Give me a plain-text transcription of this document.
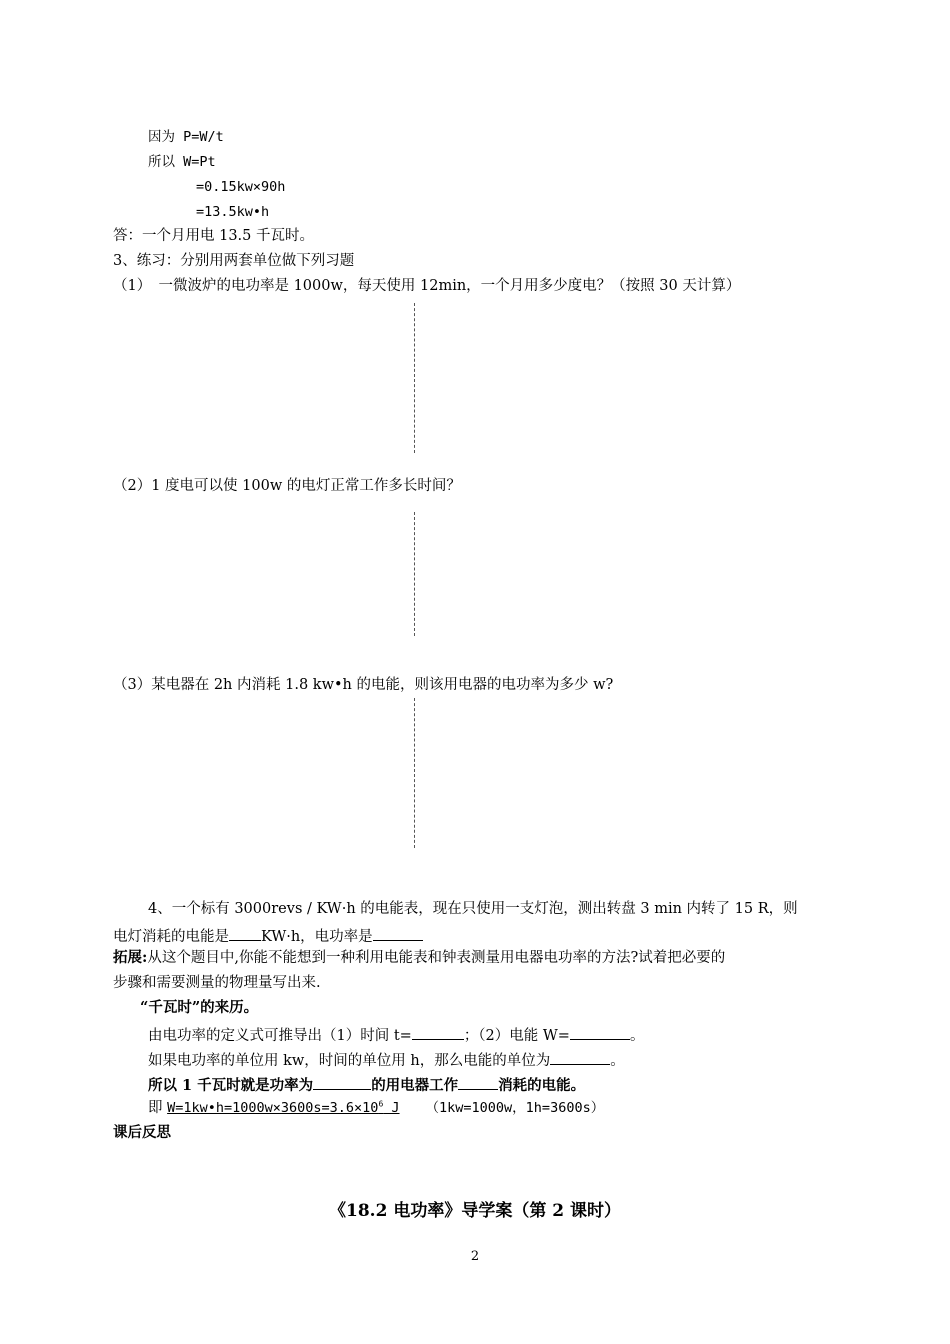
因为 P=W/t
所以 W=Pt
=0.15kw×90h
=13.5kw•h
答：一个月用电 13.5 千瓦时。
3、练习：分别用两套单位做下列习题
（1）　一微波炉的电功率是 1000w，每天使用 12min，一个月用多少度电？（按照 30 天计算）
（2）1 度电可以使 100w 的电灯正常工作多长时间？
（3）某电器在 2h 内消耗 1.8 kw•h 的电能，则该用电器的电功率为多少 w?
4、一个标有 3000revs / KW·h 的电能表，现在只使用一支灯泡，测出转盘 3 min 内转了 15 R，则
电灯消耗的电能是 KW·h，电功率是
拓展:从这个题目中,你能不能想到一种利用电能表和钟表测量用电器电功率的方法?试着把必要的
步骤和需要测量的物理量写出来.
“千瓦时”的来历。
由电功率的定义式可推导出（1）时间 t=	；（2）电能 W=	。
如果电功率的单位用 kw，时间的单位用 h，那么电能的单位为	。
所以 1 千瓦时就是功率为	的用电器工作	消耗的电能。
即 $W=1kw•h=1000w\times 3600s=3.6\times 10^6$ J （1kw=1000w，1h=3600s）
课后反思
《18.2 电功率》导学案（第 2 课时）
2
